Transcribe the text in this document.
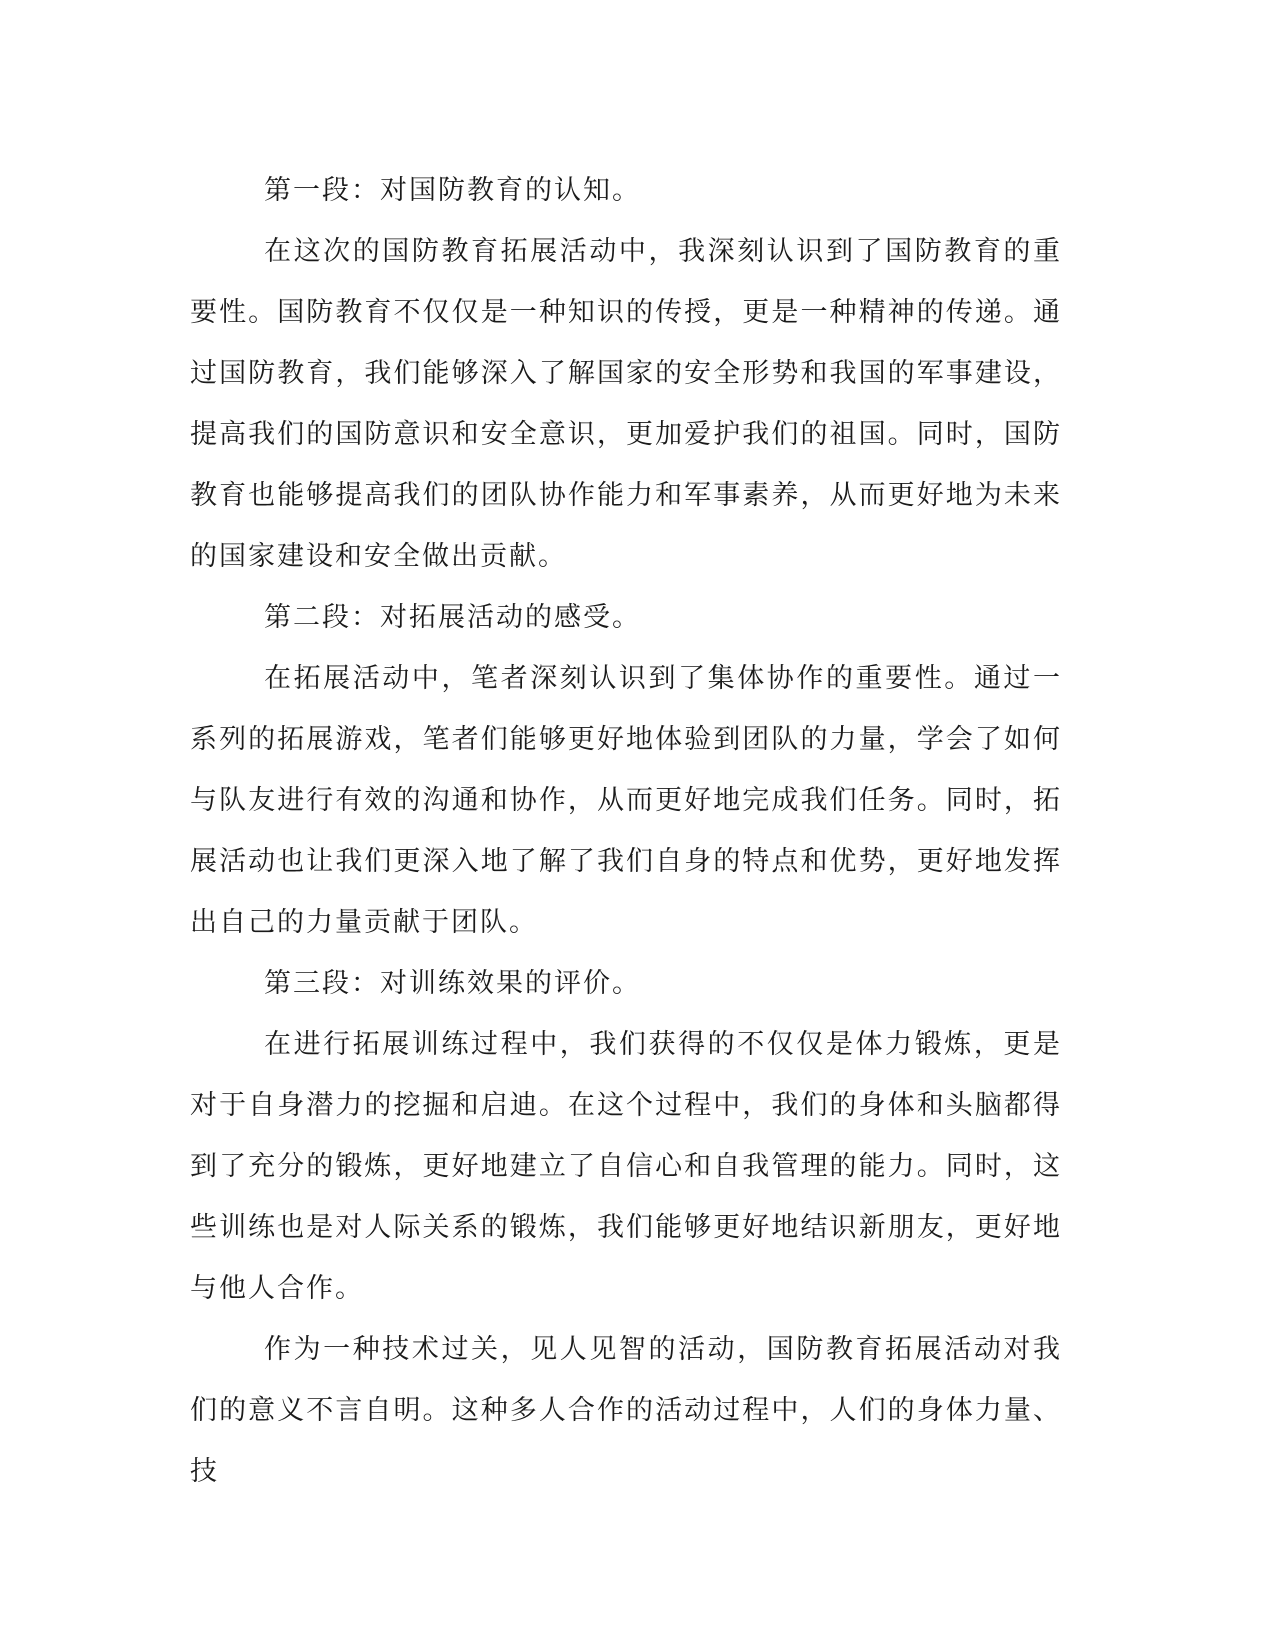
第一段：对国防教育的认知。

在这次的国防教育拓展活动中，我深刻认识到了国防教育的重要性。国防教育不仅仅是一种知识的传授，更是一种精神的传递。通过国防教育，我们能够深入了解国家的安全形势和我国的军事建设，提高我们的国防意识和安全意识，更加爱护我们的祖国。同时，国防教育也能够提高我们的团队协作能力和军事素养，从而更好地为未来的国家建设和安全做出贡献。

第二段：对拓展活动的感受。

在拓展活动中，笔者深刻认识到了集体协作的重要性。通过一系列的拓展游戏，笔者们能够更好地体验到团队的力量，学会了如何与队友进行有效的沟通和协作，从而更好地完成我们任务。同时，拓展活动也让我们更深入地了解了我们自身的特点和优势，更好地发挥出自己的力量贡献于团队。

第三段：对训练效果的评价。

在进行拓展训练过程中，我们获得的不仅仅是体力锻炼，更是对于自身潜力的挖掘和启迪。在这个过程中，我们的身体和头脑都得到了充分的锻炼，更好地建立了自信心和自我管理的能力。同时，这些训练也是对人际关系的锻炼，我们能够更好地结识新朋友，更好地与他人合作。

作为一种技术过关，见人见智的活动，国防教育拓展活动对我们的意义不言自明。这种多人合作的活动过程中，人们的身体力量、技
